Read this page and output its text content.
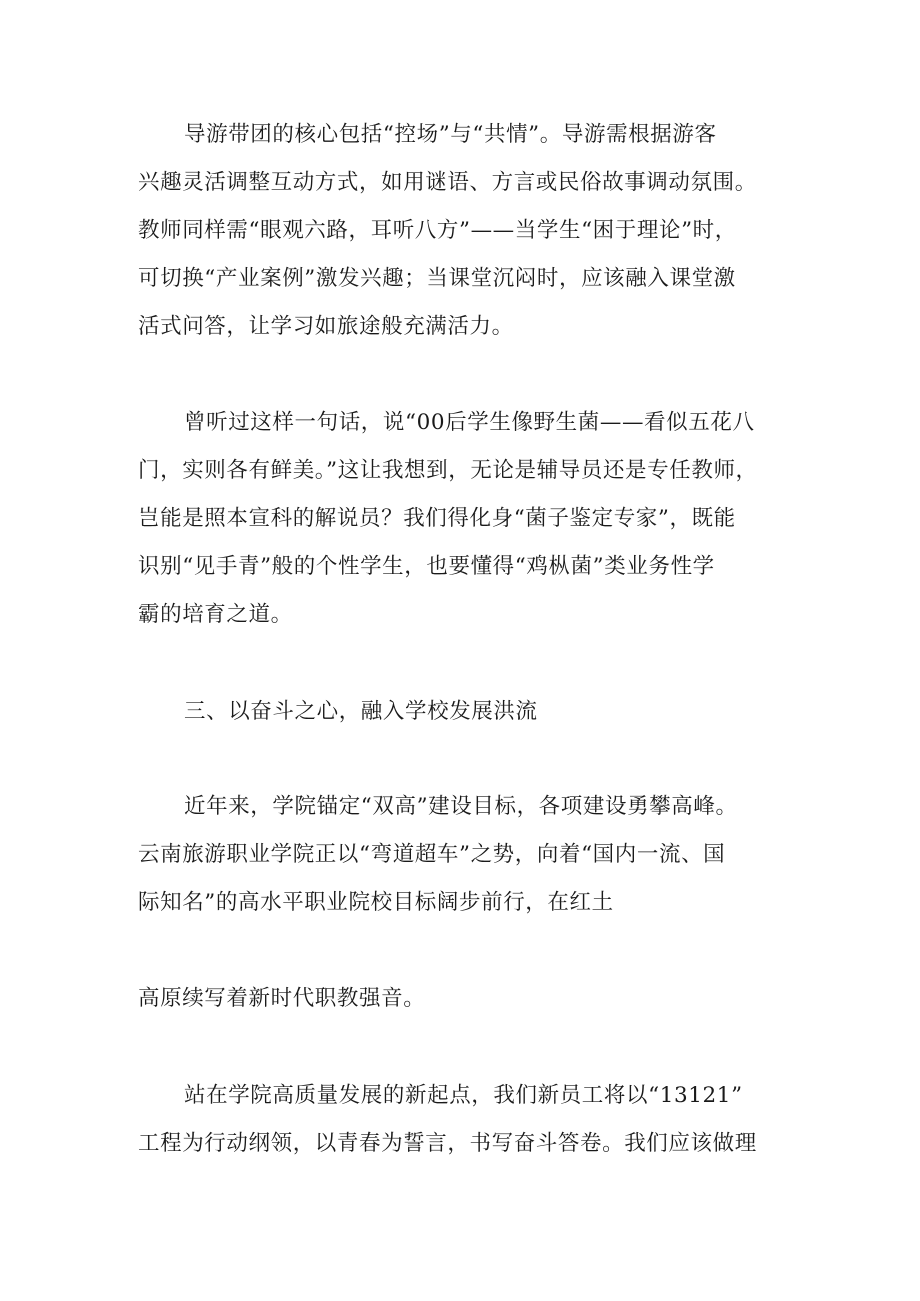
导游带团的核心包括“控场”与“共情”。导游需根据游客

兴趣灵活调整互动方式，如用谜语、方言或民俗故事调动氛围。

教师同样需“眼观六路，耳听八方”——当学生“困于理论”时，

可切换“产业案例”激发兴趣；当课堂沉闷时，应该融入课堂激

活式问答，让学习如旅途般充满活力。

曾听过这样一句话，说“00后学生像野生菌——看似五花八

门，实则各有鲜美。”这让我想到，无论是辅导员还是专任教师，

岂能是照本宣科的解说员？我们得化身“菌子鉴定专家”，既能

识别“见手青”般的个性学生，也要懂得“鸡枞菌”类业务性学

霸的培育之道。

三、以奋斗之心，融入学校发展洪流

近年来，学院锚定“双高”建设目标，各项建设勇攀高峰。

云南旅游职业学院正以“弯道超车”之势，向着“国内一流、国

际知名”的高水平职业院校目标阔步前行，在红土

高原续写着新时代职教强音。

站在学院高质量发展的新起点，我们新员工将以“13121”

工程为行动纲领，以青春为誓言，书写奋斗答卷。我们应该做理
